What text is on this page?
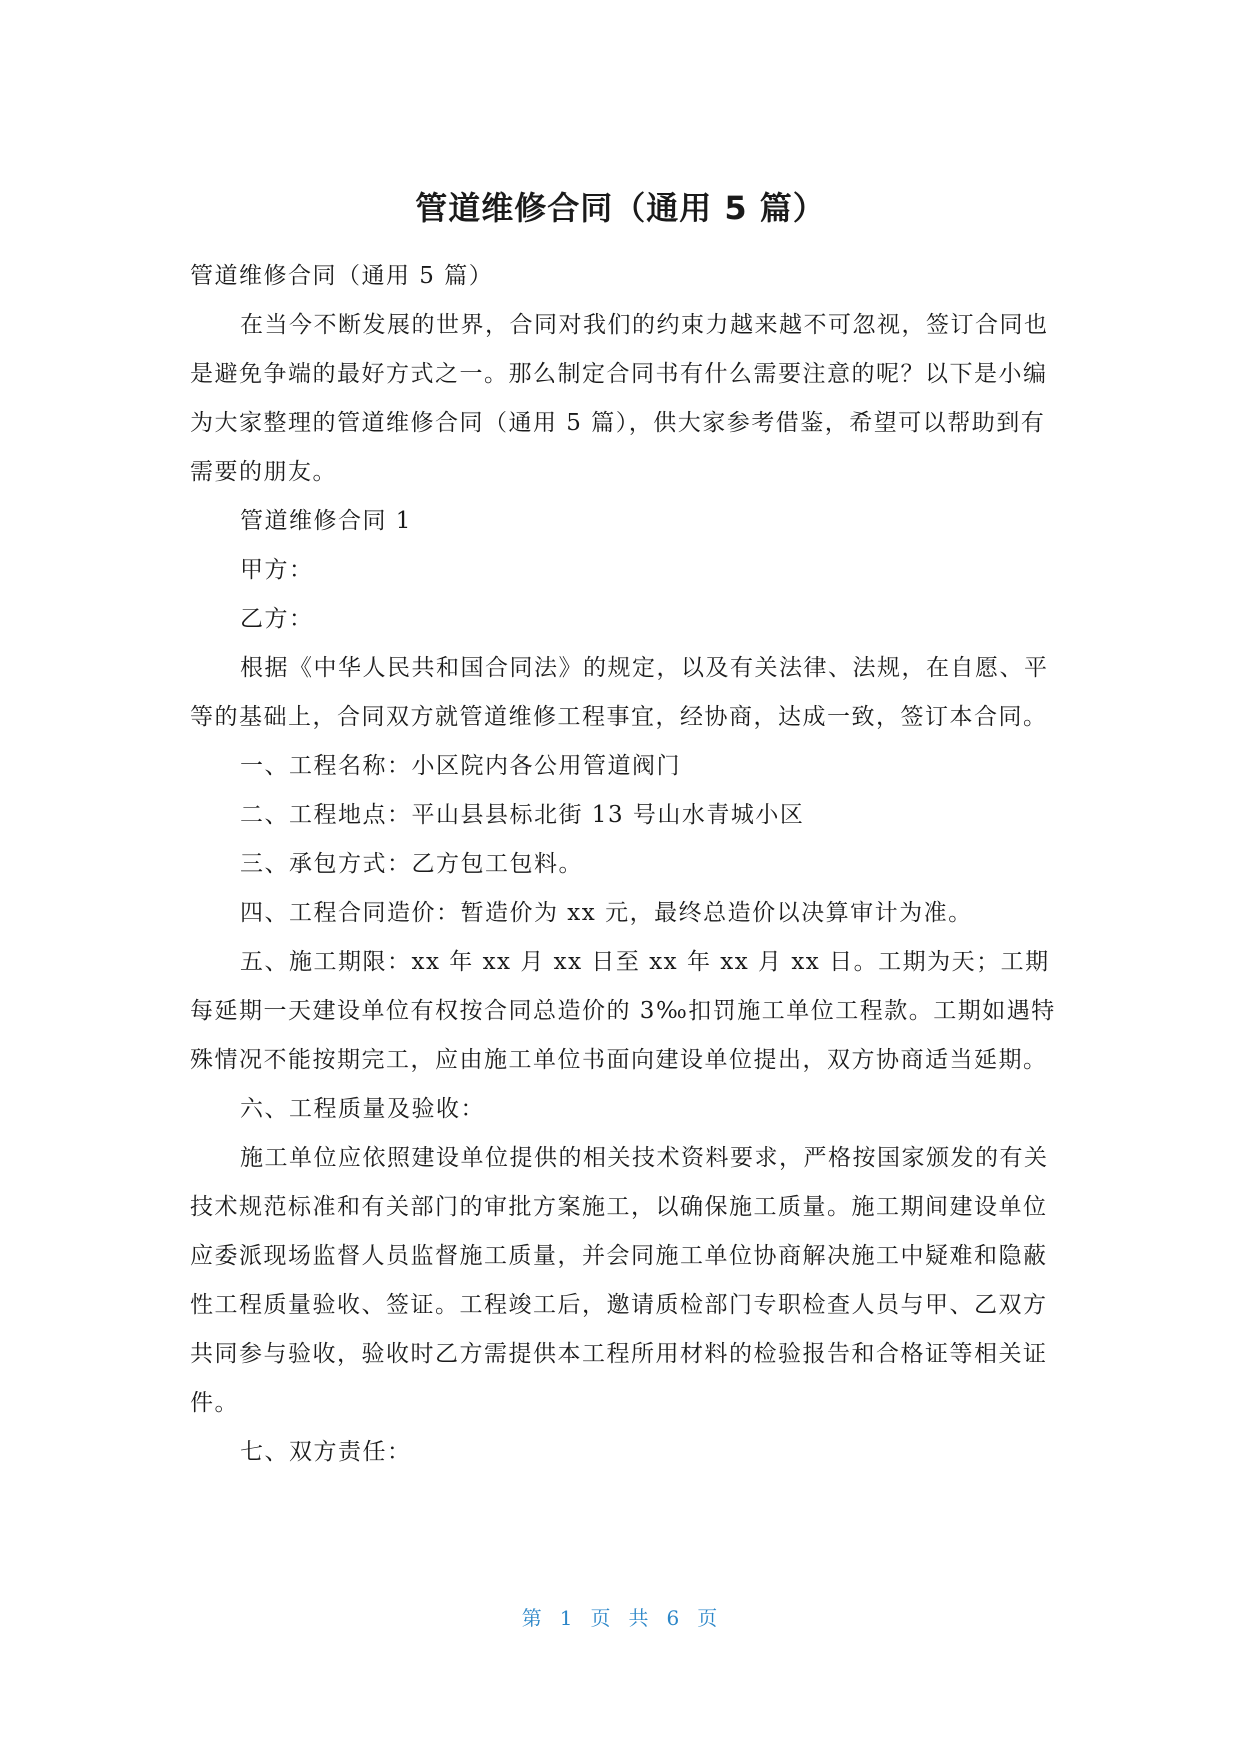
管道维修合同（通用 5 篇）

管道维修合同（通用 5 篇）

在当今不断发展的世界，合同对我们的约束力越来越不可忽视，签订合同也是避免争端的最好方式之一。那么制定合同书有什么需要注意的呢？以下是小编为大家整理的管道维修合同（通用 5 篇），供大家参考借鉴，希望可以帮助到有需要的朋友。

管道维修合同 1

甲方：

乙方：

根据《中华人民共和国合同法》的规定，以及有关法律、法规，在自愿、平等的基础上，合同双方就管道维修工程事宜，经协商，达成一致，签订本合同。

一、工程名称：小区院内各公用管道阀门

二、工程地点：平山县县标北街 13 号山水青城小区

三、承包方式：乙方包工包料。

四、工程合同造价：暂造价为 xx 元，最终总造价以决算审计为准。

五、施工期限：xx 年 xx 月 xx 日至 xx 年 xx 月 xx 日。工期为天；工期每延期一天建设单位有权按合同总造价的 3‰扣罚施工单位工程款。工期如遇特殊情况不能按期完工，应由施工单位书面向建设单位提出，双方协商适当延期。

六、工程质量及验收：

施工单位应依照建设单位提供的相关技术资料要求，严格按国家颁发的有关技术规范标准和有关部门的审批方案施工，以确保施工质量。施工期间建设单位应委派现场监督人员监督施工质量，并会同施工单位协商解决施工中疑难和隐蔽性工程质量验收、签证。工程竣工后，邀请质检部门专职检查人员与甲、乙双方共同参与验收，验收时乙方需提供本工程所用材料的检验报告和合格证等相关证件。

七、双方责任：

第 1 页 共 6 页
